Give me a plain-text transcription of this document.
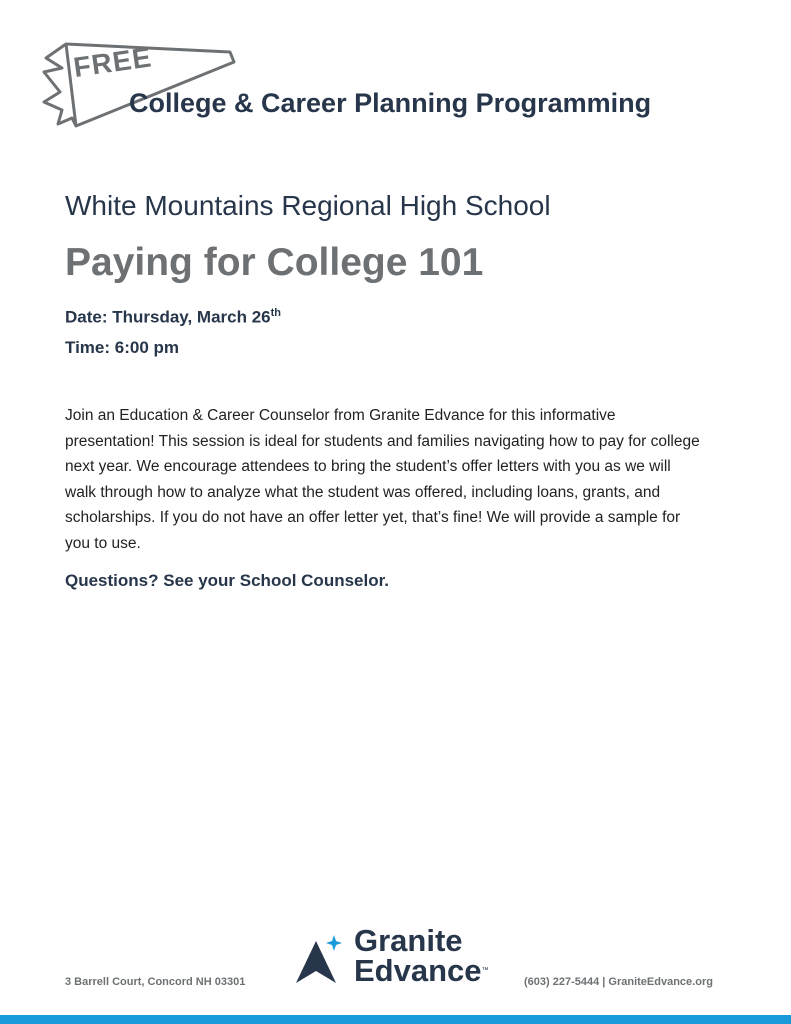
FREE
College & Career Planning Programming
White Mountains Regional High School
Paying for College 101
Date: Thursday, March 26th
Time: 6:00 pm

Join an Education & Career Counselor from Granite Edvance for this informative presentation! This session is ideal for students and families navigating how to pay for college next year. We encourage attendees to bring the student’s offer letters with you as we will walk through how to analyze what the student was offered, including loans, grants, and scholarships. If you do not have an offer letter yet, that’s fine! We will provide a sample for you to use.

Questions? See your School Counselor.
3 Barrell Court, Concord NH 03301
Granite
Edvance™
(603) 227-5444 | GraniteEdvance.org
